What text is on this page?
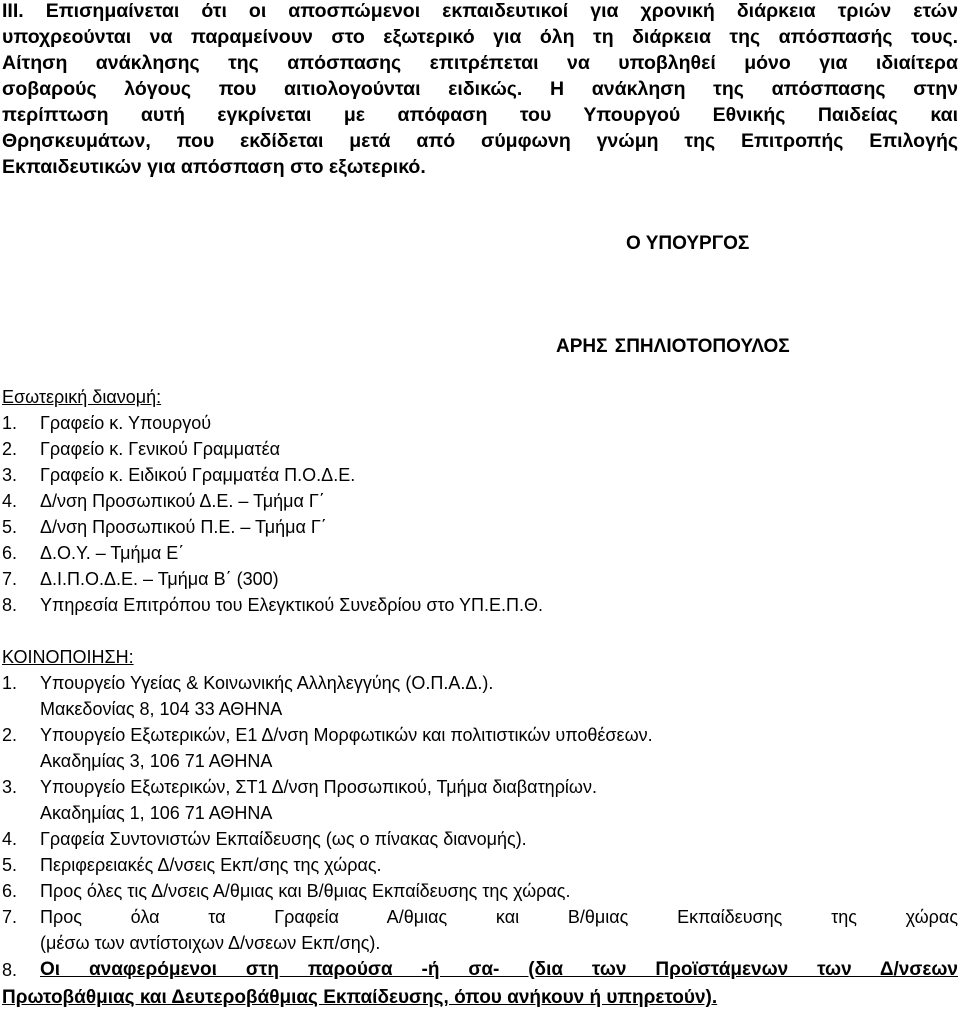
ΙΙΙ. Επισημαίνεται ότι οι αποσπώμενοι εκπαιδευτικοί για χρονική διάρκεια τριών ετών
υποχρεούνται να παραμείνουν στο εξωτερικό για όλη τη διάρκεια της απόσπασής τους.
Αίτηση ανάκλησης της απόσπασης επιτρέπεται να υποβληθεί μόνο για ιδιαίτερα
σοβαρούς λόγους που αιτιολογούνται ειδικώς. Η ανάκληση της απόσπασης στην
περίπτωση αυτή εγκρίνεται με απόφαση του Υπουργού Εθνικής Παιδείας και
Θρησκευμάτων, που εκδίδεται μετά από σύμφωνη γνώμη της Επιτροπής Επιλογής
Εκπαιδευτικών για απόσπαση στο εξωτερικό.
Ο ΥΠΟΥΡΓΟΣ
ΑΡΗΣ ΣΠΗΛΙΟΤΟΠΟΥΛΟΣ
Εσωτερική διανομή:
1. Γραφείο κ. Υπουργού
2. Γραφείο κ. Γενικού Γραμματέα
3. Γραφείο κ. Ειδικού Γραμματέα Π.Ο.Δ.Ε.
4. Δ/νση Προσωπικού Δ.Ε. – Τμήμα Γ΄
5. Δ/νση Προσωπικού Π.Ε. – Τμήμα Γ΄
6. Δ.Ο.Υ. – Τμήμα Ε΄
7. Δ.Ι.Π.Ο.Δ.Ε. – Τμήμα Β΄ (300)
8. Υπηρεσία Επιτρόπου του Ελεγκτικού Συνεδρίου στο ΥΠ.Ε.Π.Θ.
ΚΟΙΝΟΠΟΙΗΣΗ:
1. Υπουργείο Υγείας & Κοινωνικής Αλληλεγγύης (Ο.Π.Α.Δ.).
Μακεδονίας 8, 104 33 ΑΘΗΝΑ
2. Υπουργείο Εξωτερικών, Ε1 Δ/νση Μορφωτικών και πολιτιστικών υποθέσεων.
Ακαδημίας 3, 106 71 ΑΘΗΝΑ
3. Υπουργείο Εξωτερικών, ΣΤ1 Δ/νση Προσωπικού, Τμήμα διαβατηρίων.
Ακαδημίας 1, 106 71 ΑΘΗΝΑ
4. Γραφεία Συντονιστών Εκπαίδευσης (ως ο πίνακας διανομής).
5. Περιφερειακές Δ/νσεις Εκπ/σης της χώρας.
6. Προς όλες τις Δ/νσεις Α/θμιας και Β/θμιας Εκπαίδευσης της χώρας.
7.	Προς όλα τα Γραφεία Α/θμιας και Β/θμιας Εκπαίδευσης της χώρας
(μέσω των αντίστοιχων Δ/νσεων Εκπ/σης).
8.	Οι αναφερόμενοι στη παρούσα -ή σα- (δια των Προϊστάμενων των Δ/νσεων
Πρωτοβάθμιας και Δευτεροβάθμιας Εκπαίδευσης, όπου ανήκουν ή υπηρετούν).
